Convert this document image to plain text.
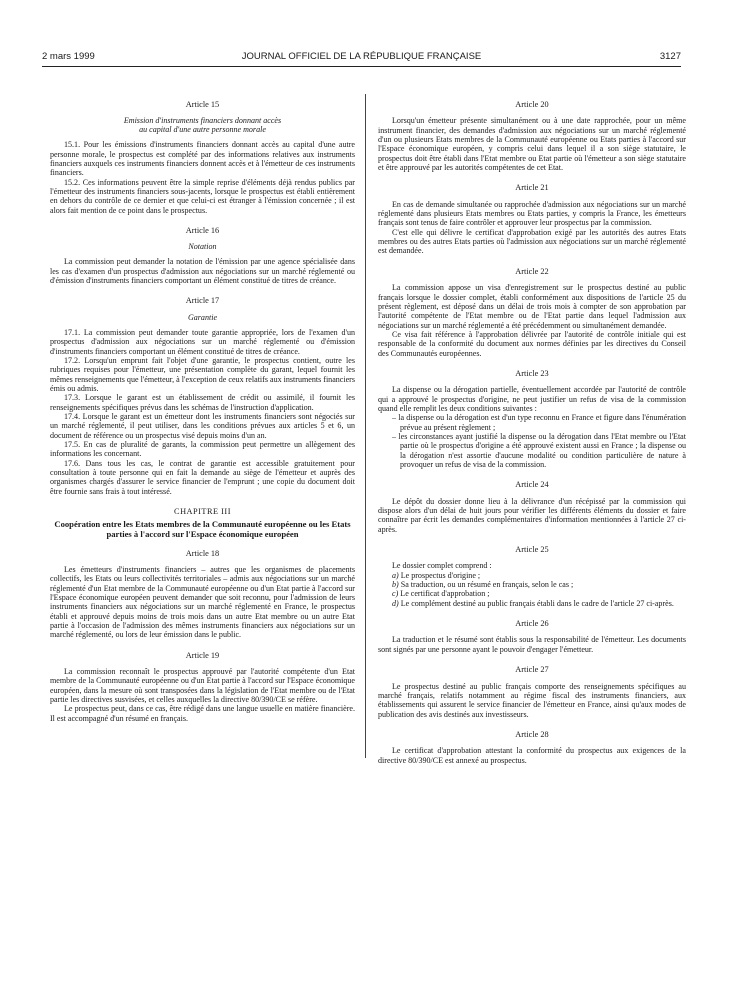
2 mars 1999	JOURNAL OFFICIEL DE LA RÉPUBLIQUE FRANÇAISE	3127
Article 15
Emission d'instruments financiers donnant accès
au capital d'une autre personne morale

15.1. Pour les émissions d'instruments financiers donnant accès au capital d'une autre personne morale, le prospectus est complété par des informations relatives aux instruments financiers auxquels ces instruments financiers donnent accès et à l'émetteur de ces instruments financiers.

15.2. Ces informations peuvent être la simple reprise d'éléments déjà rendus publics par l'émetteur des instruments financiers sous-jacents, lorsque le prospectus est établi entièrement en dehors du contrôle de ce dernier et que celui-ci est étranger à l'émission concernée ; il est alors fait mention de ce point dans le prospectus.

Article 16
Notation

La commission peut demander la notation de l'émission par une agence spécialisée dans les cas d'examen d'un prospectus d'admission aux négociations sur un marché réglementé ou d'émission d'instruments financiers comportant un élément constitué de titres de créance.

Article 17
Garantie

17.1. La commission peut demander toute garantie appropriée, lors de l'examen d'un prospectus d'admission aux négociations sur un marché réglementé ou d'émission d'instruments financiers comportant un élément constitué de titres de créance.

17.2. Lorsqu'un emprunt fait l'objet d'une garantie, le prospectus contient, outre les rubriques requises pour l'émetteur, une présentation complète du garant, lequel fournit les mêmes renseignements que l'émetteur, à l'exception de ceux relatifs aux instruments financiers émis ou admis.

17.3. Lorsque le garant est un établissement de crédit ou assimilé, il fournit les renseignements spécifiques prévus dans les schémas de l'instruction d'application.

17.4. Lorsque le garant est un émetteur dont les instruments financiers sont négociés sur un marché réglementé, il peut utiliser, dans les conditions prévues aux articles 5 et 6, un document de référence ou un prospectus visé depuis moins d'un an.

17.5. En cas de pluralité de garants, la commission peut permettre un allègement des informations les concernant.

17.6. Dans tous les cas, le contrat de garantie est accessible gratuitement pour consultation à toute personne qui en fait la demande au siège de l'émetteur et auprès des organismes chargés d'assurer le service financier de l'emprunt ; une copie du document doit être fournie sans frais à tout intéressé.

CHAPITRE III
Coopération entre les Etats membres de la Communauté européenne ou les Etats parties à l'accord sur l'Espace économique européen
Article 18

Les émetteurs d'instruments financiers – autres que les organismes de placements collectifs, les Etats ou leurs collectivités territoriales – admis aux négociations sur un marché réglementé d'un Etat membre de la Communauté européenne ou d'un Etat partie à l'accord sur l'Espace économique européen peuvent demander que soit reconnu, pour l'admission de leurs instruments financiers aux négociations sur un marché réglementé en France, le prospectus établi et approuvé depuis moins de trois mois dans un autre Etat membre ou un autre Etat partie à l'occasion de l'admission des mêmes instruments financiers aux négociations sur un marché réglementé, ou lors de leur émission dans le public.

Article 19

La commission reconnaît le prospectus approuvé par l'autorité compétente d'un Etat membre de la Communauté européenne ou d'un Etat partie à l'accord sur l'Espace économique européen, dans la mesure où sont transposées dans la législation de l'Etat membre ou de l'Etat partie les directives susvisées, et celles auxquelles la directive 80/390/CE se réfère.

Le prospectus peut, dans ce cas, être rédigé dans une langue usuelle en matière financière. Il est accompagné d'un résumé en français.

Article 20

Lorsqu'un émetteur présente simultanément ou à une date rapprochée, pour un même instrument financier, des demandes d'admission aux négociations sur un marché réglementé d'un ou plusieurs Etats membres de la Communauté européenne ou Etats parties à l'accord sur l'Espace économique européen, y compris celui dans lequel il a son siège statutaire, le prospectus doit être établi dans l'Etat membre ou Etat partie où l'émetteur a son siège statutaire et être approuvé par les autorités compétentes de cet Etat.

Article 21

En cas de demande simultanée ou rapprochée d'admission aux négociations sur un marché réglementé dans plusieurs Etats membres ou Etats parties, y compris la France, les émetteurs français sont tenus de faire contrôler et approuver leur prospectus par la commission.

C'est elle qui délivre le certificat d'approbation exigé par les autorités des autres Etats membres ou des autres Etats parties où l'admission aux négociations sur un marché réglementé est demandée.

Article 22

La commission appose un visa d'enregistrement sur le prospectus destiné au public français lorsque le dossier complet, établi conformément aux dispositions de l'article 25 du présent règlement, est déposé dans un délai de trois mois à compter de son approbation par l'autorité compétente de l'Etat membre ou de l'Etat partie dans lequel l'admission aux négociations sur un marché réglementé a été précédemment ou simultanément demandée.

Ce visa fait référence à l'approbation délivrée par l'autorité de contrôle initiale qui est responsable de la conformité du document aux normes définies par les directives du Conseil des Communautés européennes.

Article 23

La dispense ou la dérogation partielle, éventuellement accordée par l'autorité de contrôle qui a approuvé le prospectus d'origine, ne peut justifier un refus de visa de la commission quand elle remplit les deux conditions suivantes :

– la dispense ou la dérogation est d'un type reconnu en France et figure dans l'énumération prévue au présent règlement ;
– les circonstances ayant justifié la dispense ou la dérogation dans l'Etat membre ou l'Etat partie où le prospectus d'origine a été approuvé existent aussi en France ; la dispense ou la dérogation n'est assortie d'aucune modalité ou condition particulière de nature à provoquer un refus de visa de la commission.
Article 24

Le dépôt du dossier donne lieu à la délivrance d'un récépissé par la commission qui dispose alors d'un délai de huit jours pour vérifier les différents éléments du dossier et faire connaître par écrit les demandes complémentaires d'information mentionnées à l'article 27 ci-après.

Article 25

Le dossier complet comprend :

a) Le prospectus d'origine ;
b) Sa traduction, ou un résumé en français, selon le cas ;
c) Le certificat d'approbation ;
d) Le complément destiné au public français établi dans le cadre de l'article 27 ci-après.
Article 26

La traduction et le résumé sont établis sous la responsabilité de l'émetteur. Les documents sont signés par une personne ayant le pouvoir d'engager l'émetteur.

Article 27

Le prospectus destiné au public français comporte des renseignements spécifiques au marché français, relatifs notamment au régime fiscal des instruments financiers, aux établissements qui assurent le service financier de l'émetteur en France, ainsi qu'aux modes de publication des avis destinés aux investisseurs.

Article 28

Le certificat d'approbation attestant la conformité du prospectus aux exigences de la directive 80/390/CE est annexé au prospectus.
